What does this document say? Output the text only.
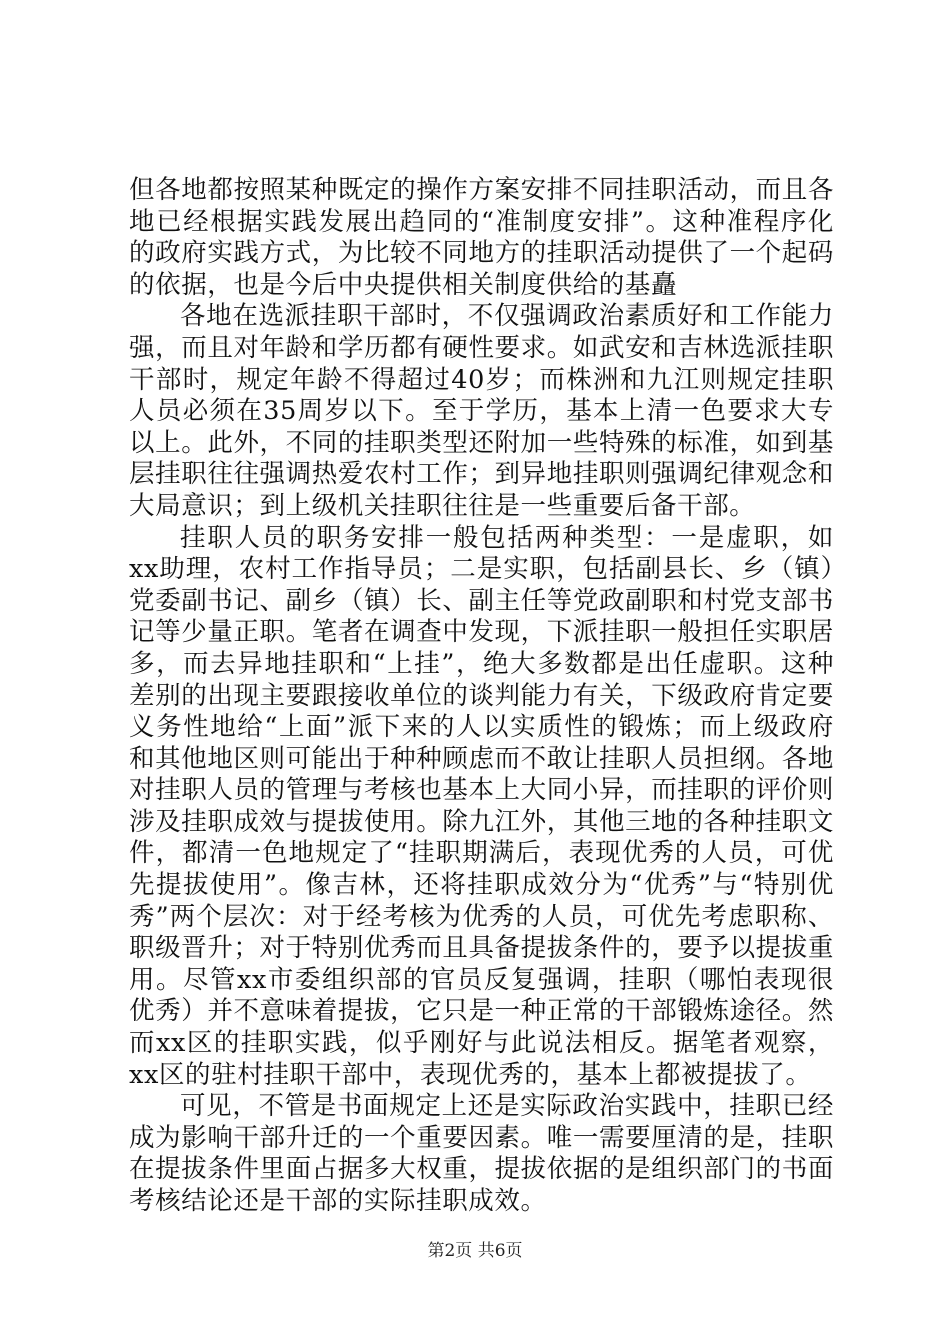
但各地都按照某种既定的操作方案安排不同挂职活动，而且各地已经根据实践发展出趋同的“准制度安排”。这种准程序化的政府实践方式，为比较不同地方的挂职活动提供了一个起码的依据，也是今后中央提供相关制度供给的基矗

各地在选派挂职干部时，不仅强调政治素质好和工作能力强，而且对年龄和学历都有硬性要求。如武安和吉林选派挂职干部时，规定年龄不得超过40岁；而株洲和九江则规定挂职人员必须在35周岁以下。至于学历，基本上清一色要求大专以上。此外，不同的挂职类型还附加一些特殊的标准，如到基层挂职往往强调热爱农村工作；到异地挂职则强调纪律观念和大局意识；到上级机关挂职往往是一些重要后备干部。

挂职人员的职务安排一般包括两种类型：一是虚职，如xx助理，农村工作指导员；二是实职，包括副县长、乡（镇）党委副书记、副乡（镇）长、副主任等党政副职和村党支部书记等少量正职。笔者在调查中发现，下派挂职一般担任实职居多，而去异地挂职和“上挂”，绝大多数都是出任虚职。这种差别的出现主要跟接收单位的谈判能力有关，下级政府肯定要义务性地给“上面”派下来的人以实质性的锻炼；而上级政府和其他地区则可能出于种种顾虑而不敢让挂职人员担纲。各地对挂职人员的管理与考核也基本上大同小异，而挂职的评价则涉及挂职成效与提拔使用。除九江外，其他三地的各种挂职文件，都清一色地规定了“挂职期满后，表现优秀的人员，可优先提拔使用”。像吉林，还将挂职成效分为“优秀”与“特别优秀”两个层次：对于经考核为优秀的人员，可优先考虑职称、职级晋升；对于特别优秀而且具备提拔条件的，要予以提拔重用。尽管xx市委组织部的官员反复强调，挂职（哪怕表现很优秀）并不意味着提拔，它只是一种正常的干部锻炼途径。然而xx区的挂职实践，似乎刚好与此说法相反。据笔者观察，xx区的驻村挂职干部中，表现优秀的，基本上都被提拔了。

可见，不管是书面规定上还是实际政治实践中，挂职已经成为影响干部升迁的一个重要因素。唯一需要厘清的是，挂职在提拔条件里面占据多大权重，提拔依据的是组织部门的书面考核结论还是干部的实际挂职成效。

第2页 共6页
